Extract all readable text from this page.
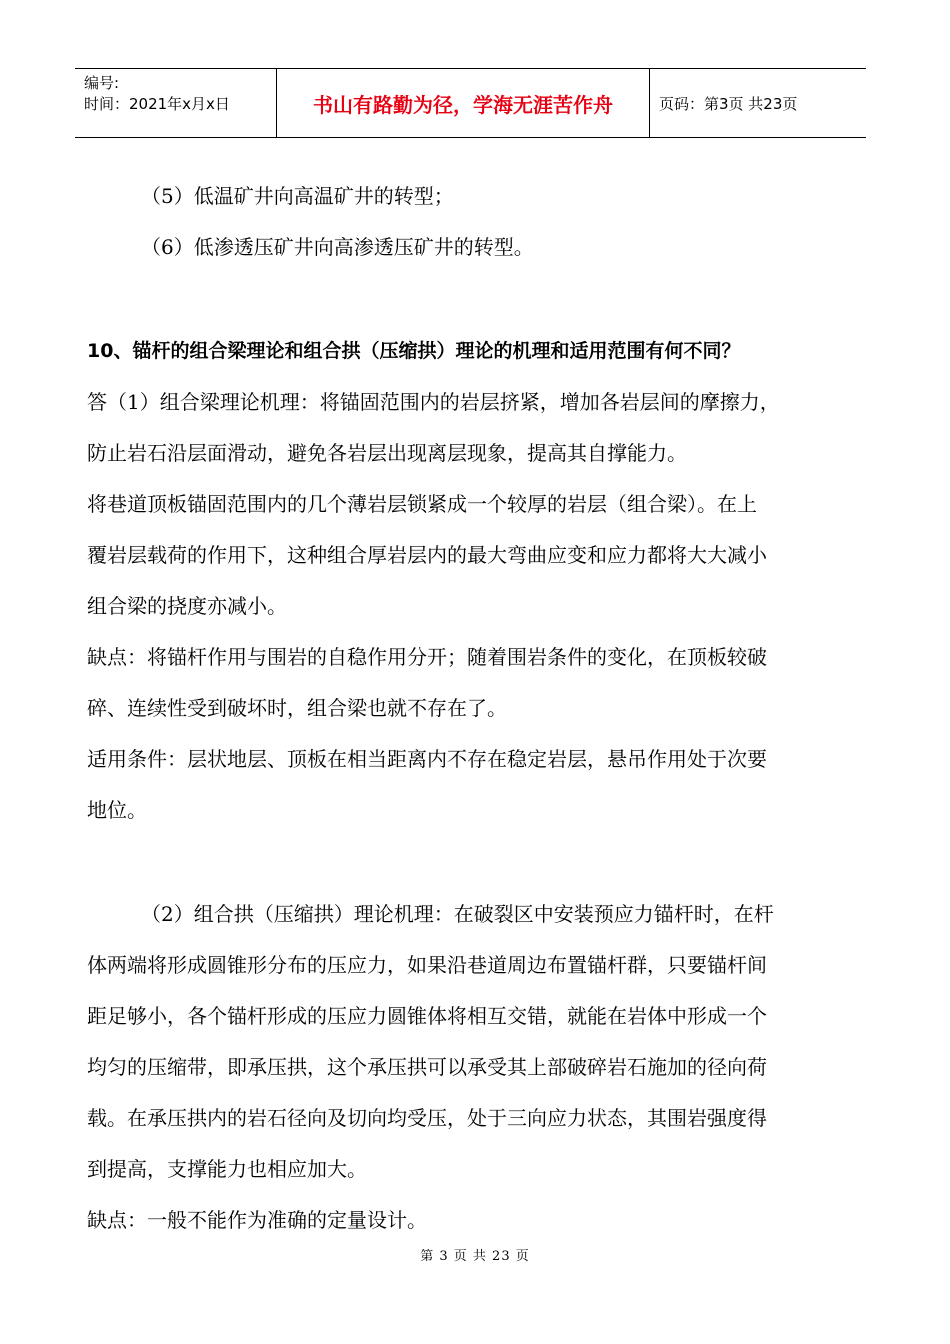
编号:
时间：2021年x月x日	书山有路勤为径，学海无涯苦作舟	页码：第3页 共23页

（5）低温矿井向高温矿井的转型；

（6）低渗透压矿井向高渗透压矿井的转型。

10、锚杆的组合梁理论和组合拱（压缩拱）理论的机理和适用范围有何不同？

答（1）组合梁理论机理：将锚固范围内的岩层挤紧，增加各岩层间的摩擦力，

防止岩石沿层面滑动，避免各岩层出现离层现象，提高其自撑能力。

将巷道顶板锚固范围内的几个薄岩层锁紧成一个较厚的岩层（组合梁）。在上

覆岩层载荷的作用下，这种组合厚岩层内的最大弯曲应变和应力都将大大减小

组合梁的挠度亦减小。

缺点：将锚杆作用与围岩的自稳作用分开；随着围岩条件的变化，在顶板较破

碎、连续性受到破坏时，组合梁也就不存在了。

适用条件：层状地层、顶板在相当距离内不存在稳定岩层，悬吊作用处于次要

地位。

（2）组合拱（压缩拱）理论机理：在破裂区中安装预应力锚杆时，在杆

体两端将形成圆锥形分布的压应力，如果沿巷道周边布置锚杆群，只要锚杆间

距足够小，各个锚杆形成的压应力圆锥体将相互交错，就能在岩体中形成一个

均匀的压缩带，即承压拱，这个承压拱可以承受其上部破碎岩石施加的径向荷

载。在承压拱内的岩石径向及切向均受压，处于三向应力状态，其围岩强度得

到提高，支撑能力也相应加大。

缺点：一般不能作为准确的定量设计。

第 3 页 共 23 页
